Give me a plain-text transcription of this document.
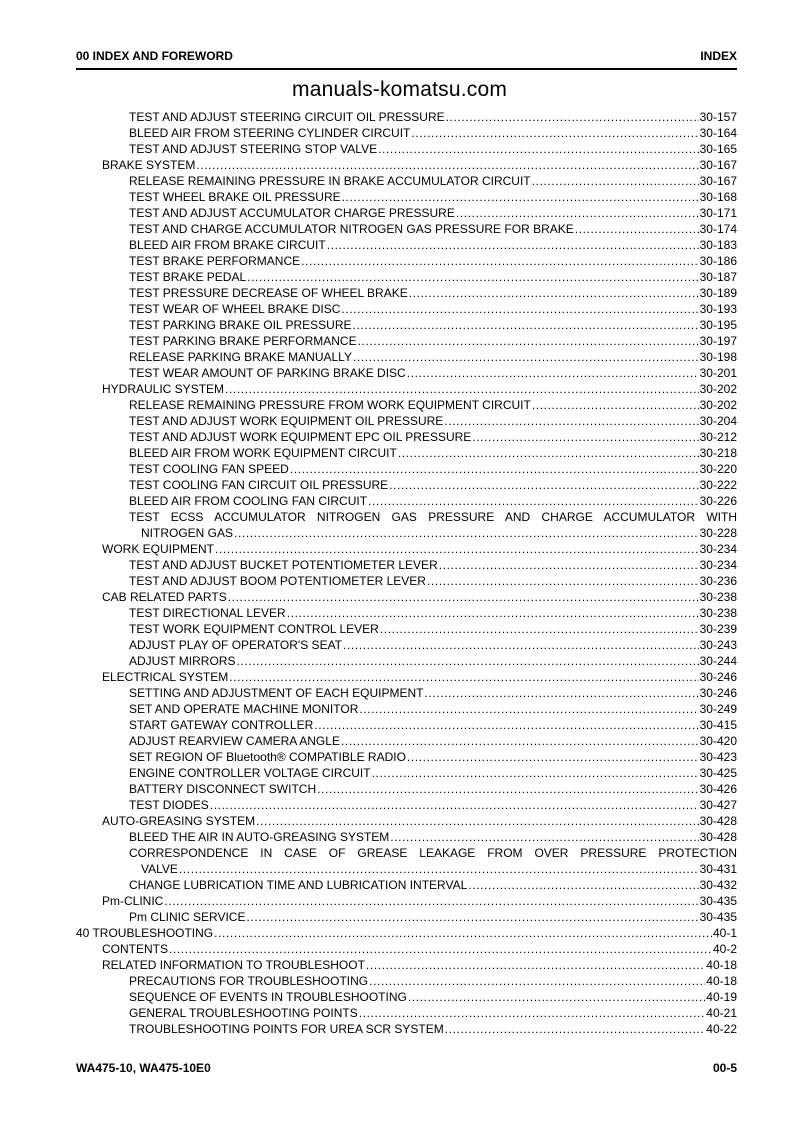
00 INDEX AND FOREWORD	INDEX
manuals-komatsu.com
TEST AND ADJUST STEERING CIRCUIT OIL PRESSURE .....	30-157
BLEED AIR FROM STEERING CYLINDER CIRCUIT .....	30-164
TEST AND ADJUST STEERING STOP VALVE .....	30-165
BRAKE SYSTEM .....	30-167
RELEASE REMAINING PRESSURE IN BRAKE ACCUMULATOR CIRCUIT .....	30-167
TEST WHEEL BRAKE OIL PRESSURE .....	30-168
TEST AND ADJUST ACCUMULATOR CHARGE PRESSURE .....	30-171
TEST AND CHARGE ACCUMULATOR NITROGEN GAS PRESSURE FOR BRAKE .....	30-174
BLEED AIR FROM BRAKE CIRCUIT .....	30-183
TEST BRAKE PERFORMANCE .....	30-186
TEST BRAKE PEDAL .....	30-187
TEST PRESSURE DECREASE OF WHEEL BRAKE .....	30-189
TEST WEAR OF WHEEL BRAKE DISC .....	30-193
TEST PARKING BRAKE OIL PRESSURE .....	30-195
TEST PARKING BRAKE PERFORMANCE .....	30-197
RELEASE PARKING BRAKE MANUALLY .....	30-198
TEST WEAR AMOUNT OF PARKING BRAKE DISC .....	30-201
HYDRAULIC SYSTEM .....	30-202
RELEASE REMAINING PRESSURE FROM WORK EQUIPMENT CIRCUIT .....	30-202
TEST AND ADJUST WORK EQUIPMENT OIL PRESSURE .....	30-204
TEST AND ADJUST WORK EQUIPMENT EPC OIL PRESSURE .....	30-212
BLEED AIR FROM WORK EQUIPMENT CIRCUIT .....	30-218
TEST COOLING FAN SPEED .....	30-220
TEST COOLING FAN CIRCUIT OIL PRESSURE .....	30-222
BLEED AIR FROM COOLING FAN CIRCUIT .....	30-226
TEST ECSS ACCUMULATOR NITROGEN GAS PRESSURE AND CHARGE ACCUMULATOR WITH
NITROGEN GAS .....	30-228
WORK EQUIPMENT .....	30-234
TEST AND ADJUST BUCKET POTENTIOMETER LEVER .....	30-234
TEST AND ADJUST BOOM POTENTIOMETER LEVER .....	30-236
CAB RELATED PARTS .....	30-238
TEST DIRECTIONAL LEVER .....	30-238
TEST WORK EQUIPMENT CONTROL LEVER .....	30-239
ADJUST PLAY OF OPERATOR'S SEAT .....	30-243
ADJUST MIRRORS .....	30-244
ELECTRICAL SYSTEM .....	30-246
SETTING AND ADJUSTMENT OF EACH EQUIPMENT .....	30-246
SET AND OPERATE MACHINE MONITOR .....	30-249
START GATEWAY CONTROLLER .....	30-415
ADJUST REARVIEW CAMERA ANGLE .....	30-420
SET REGION OF Bluetooth® COMPATIBLE RADIO .....	30-423
ENGINE CONTROLLER VOLTAGE CIRCUIT .....	30-425
BATTERY DISCONNECT SWITCH .....	30-426
TEST DIODES .....	30-427
AUTO-GREASING SYSTEM .....	30-428
BLEED THE AIR IN AUTO-GREASING SYSTEM .....	30-428
CORRESPONDENCE IN CASE OF GREASE LEAKAGE FROM OVER PRESSURE PROTECTION
VALVE .....	30-431
CHANGE LUBRICATION TIME AND LUBRICATION INTERVAL .....	30-432
Pm-CLINIC .....	30-435
Pm CLINIC SERVICE .....	30-435
40 TROUBLESHOOTING .....	40-1
CONTENTS .....	40-2
RELATED INFORMATION TO TROUBLESHOOT .....	40-18
PRECAUTIONS FOR TROUBLESHOOTING .....	40-18
SEQUENCE OF EVENTS IN TROUBLESHOOTING .....	40-19
GENERAL TROUBLESHOOTING POINTS .....	40-21
TROUBLESHOOTING POINTS FOR UREA SCR SYSTEM .....	40-22
WA475-10, WA475-10E0	00-5
